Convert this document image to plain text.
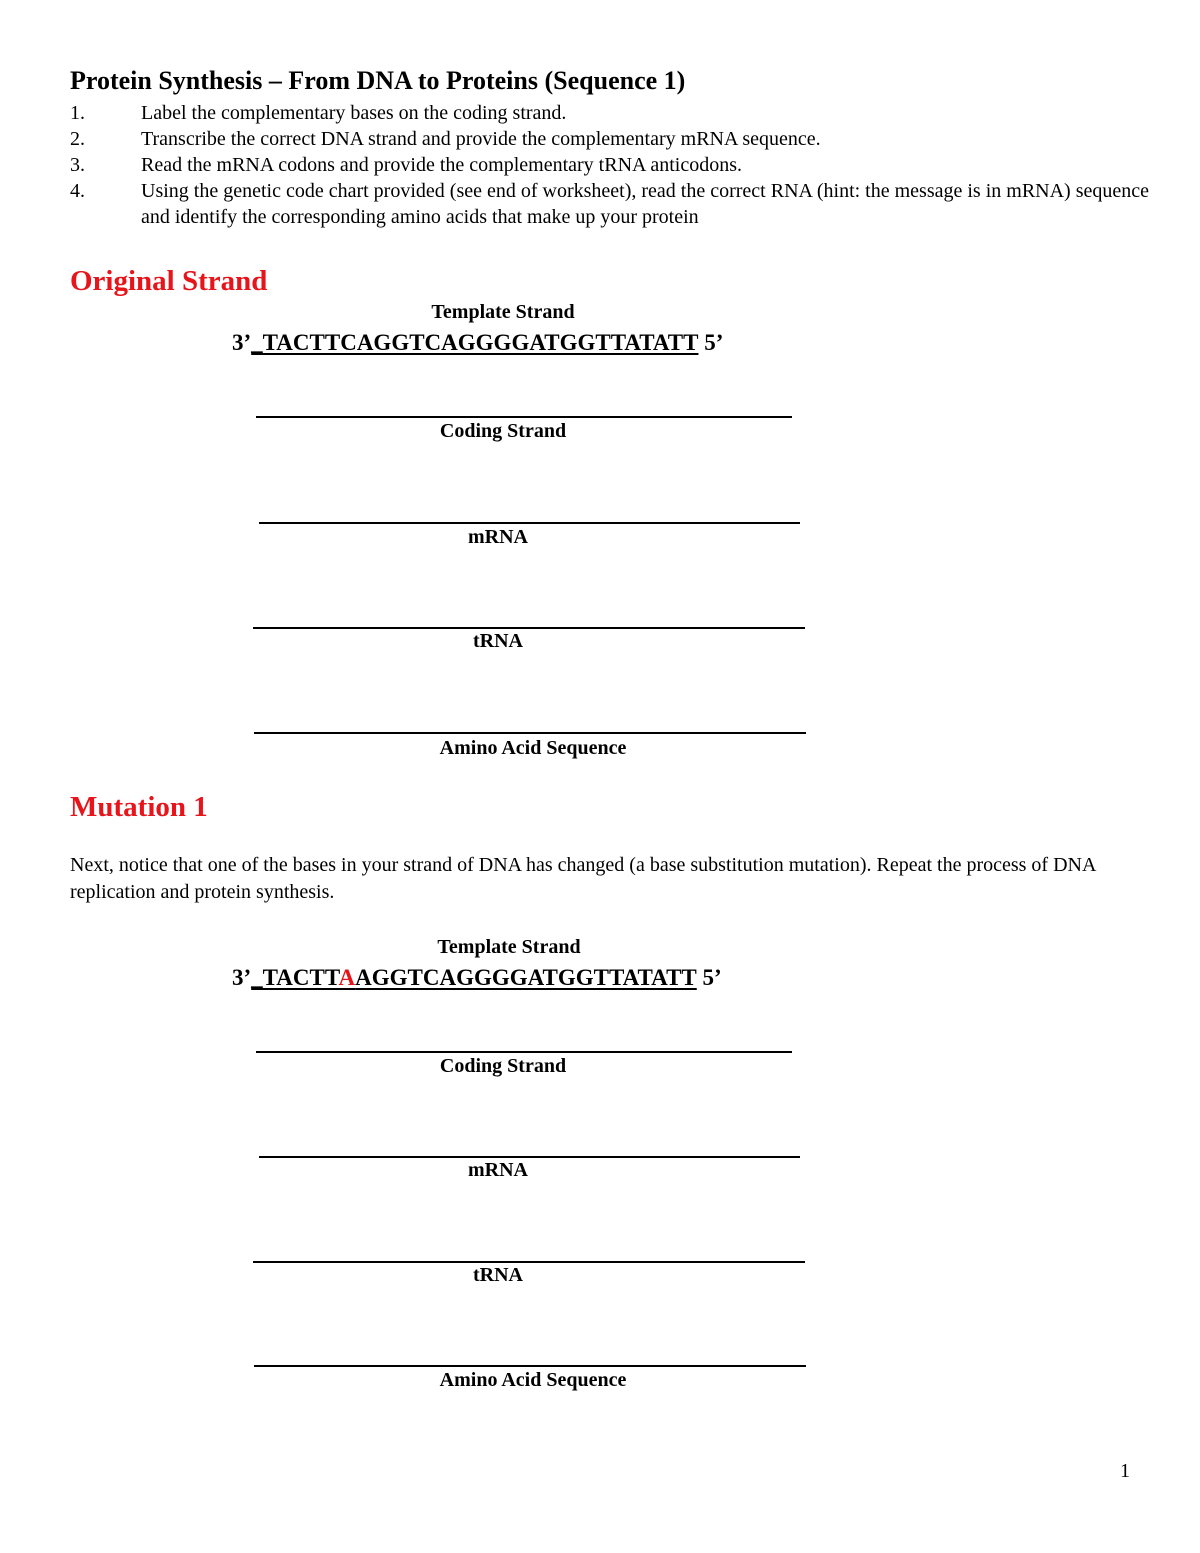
Protein Synthesis – From DNA to Proteins (Sequence 1)
1.	Label the complementary bases on the coding strand.
2.	Transcribe the correct DNA strand and provide the complementary mRNA sequence.
3.	Read the mRNA codons and provide the complementary tRNA anticodons.
4.	Using the genetic code chart provided (see end of worksheet), read the correct RNA (hint: the message is in mRNA) sequence and identify the corresponding amino acids that make up your protein
Original Strand
Template Strand
3’_TACTTCAGGTCAGGGGATGGTTATATT 5’
Coding Strand
mRNA
tRNA
Amino Acid Sequence
Mutation 1

Next, notice that one of the bases in your strand of DNA has changed (a base substitution mutation). Repeat the process of DNA replication and protein synthesis.

Template Strand
3’_TACTTAAGGTCAGGGGATGGTTATATT 5’
Coding Strand
mRNA
tRNA
Amino Acid Sequence
1
